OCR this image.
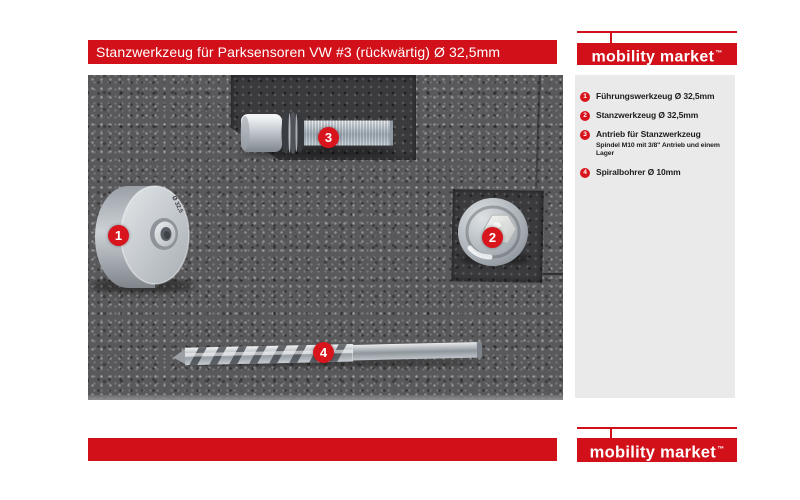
Stanzwerkzeug für Parksensoren VW #3 (rückwärtig) Ø 32,5mm	mobility market™
Ø 32,5
1	2
3
4
1	Führungswerkzeug Ø 32,5mm
2	Stanzwerkzeug Ø 32,5mm
3	Antrieb für Stanzwerkzeug
Spindel M10 mit 3/8" Antrieb und einem Lager
4	Spiralbohrer Ø 10mm
mobility market™
